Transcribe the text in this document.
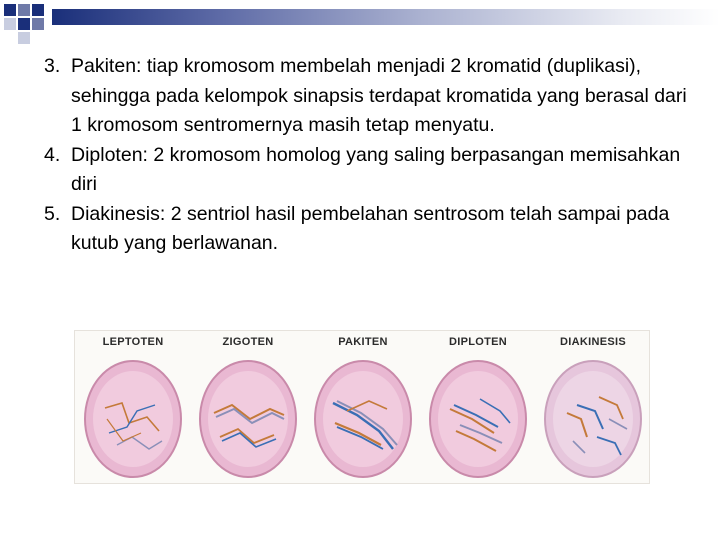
3. Pakiten: tiap kromosom membelah menjadi 2 kromatid (duplikasi), sehingga pada kelompok sinapsis terdapat kromatida yang berasal dari 1 kromosom sentromernya masih tetap menyatu.
4. Diploten: 2 kromosom homolog yang saling berpasangan memisahkan diri
5. Diakinesis: 2 sentriol hasil pembelahan sentrosom telah sampai pada kutub yang berlawanan.
LEPTOTEN	ZIGOTEN	PAKITEN	DIPLOTEN	DIAKINESIS
